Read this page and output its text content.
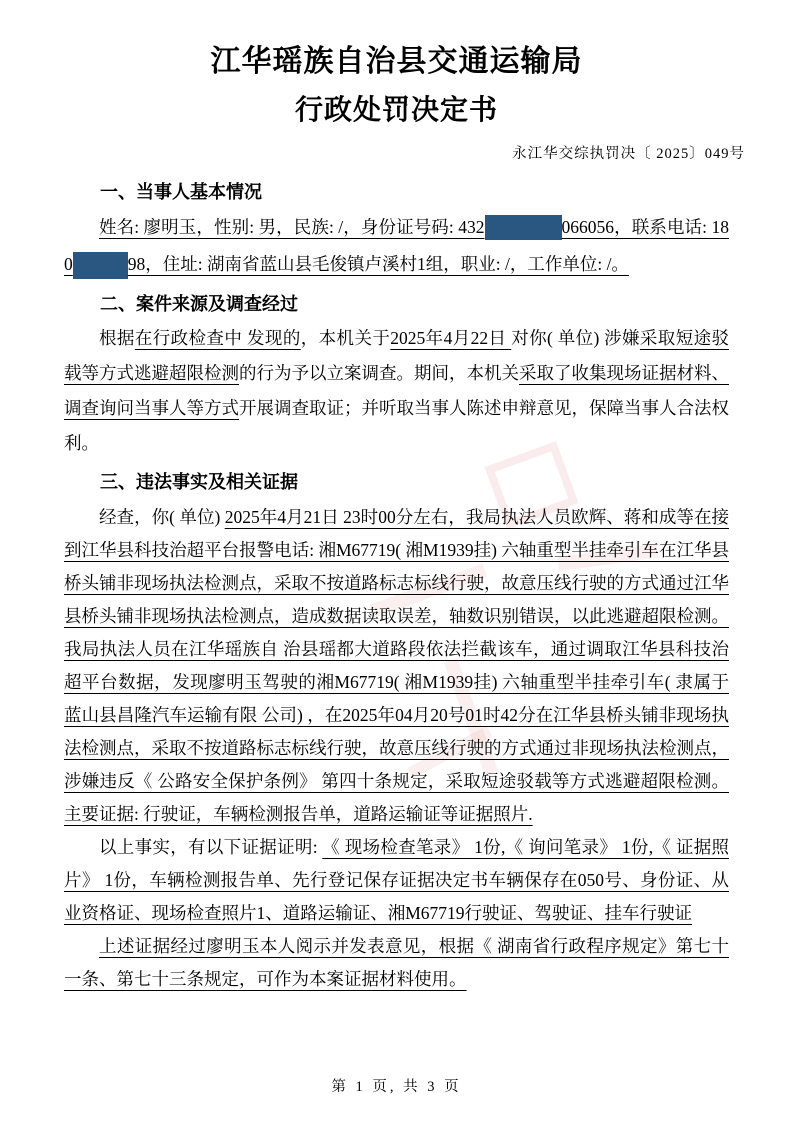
江华瑶族自治县交通运输局
行政处罚决定书
永江华交综执罚决〔 2025〕049号
一、当事人基本情况

姓名: 廖明玉，性别: 男，民族: /，身份证号码: 432	066056，联系电话: 180	98，住址: 湖南省蓝山县毛俊镇卢溪村1组，职业: /，工作单位: /。

二、案件来源及调查经过

根据在行政检查中 发现的，本机关于2025年4月22日 对你( 单位) 涉嫌采取短途驳载等方式逃避超限检测的行为予以立案调查。期间，本机关采取了收集现场证据材料、调查询问当事人等方式开展调查取证；并听取当事人陈述申辩意见，保障当事人合法权利。

三、违法事实及相关证据

经查，你( 单位) 2025年4月21日 23时00分左右，我局执法人员欧辉、蒋和成等在接到江华县科技治超平台报警电话: 湘M67719( 湘M1939挂) 六轴重型半挂牵引车在江华县桥头铺非现场执法检测点，采取不按道路标志标线行驶，故意压线行驶的方式通过江华县桥头铺非现场执法检测点，造成数据读取误差，轴数识别错误，以此逃避超限检测。我局执法人员在江华瑶族自 治县瑶都大道路段依法拦截该车，通过调取江华县科技治超平台数据，发现廖明玉驾驶的湘M67719( 湘M1939挂) 六轴重型半挂牵引车( 隶属于蓝山县昌隆汽车运输有限 公司) ，在2025年04月20号01时42分在江华县桥头铺非现场执法检测点，采取不按道路标志标线行驶，故意压线行驶的方式通过非现场执法检测点，涉嫌违反《 公路安全保护条例》 第四十条规定，采取短途驳载等方式逃避超限检测。主要证据: 行驶证，车辆检测报告单，道路运输证等证据照片.

以上事实，有以下证据证明: 《 现场检查笔录》 1份,《 询问笔录》 1份,《 证据照片》 1份，车辆检测报告单、先行登记保存证据决定书车辆保存在050号、身份证、从业资格证、现场检查照片1、道路运输证、湘M67719行驶证、驾驶证、挂车行驶证

上述证据经过廖明玉本人阅示并发表意见，根据《 湖南省行政程序规定》第七十一条、第七十三条规定，可作为本案证据材料使用。

第 1 页, 共 3 页
